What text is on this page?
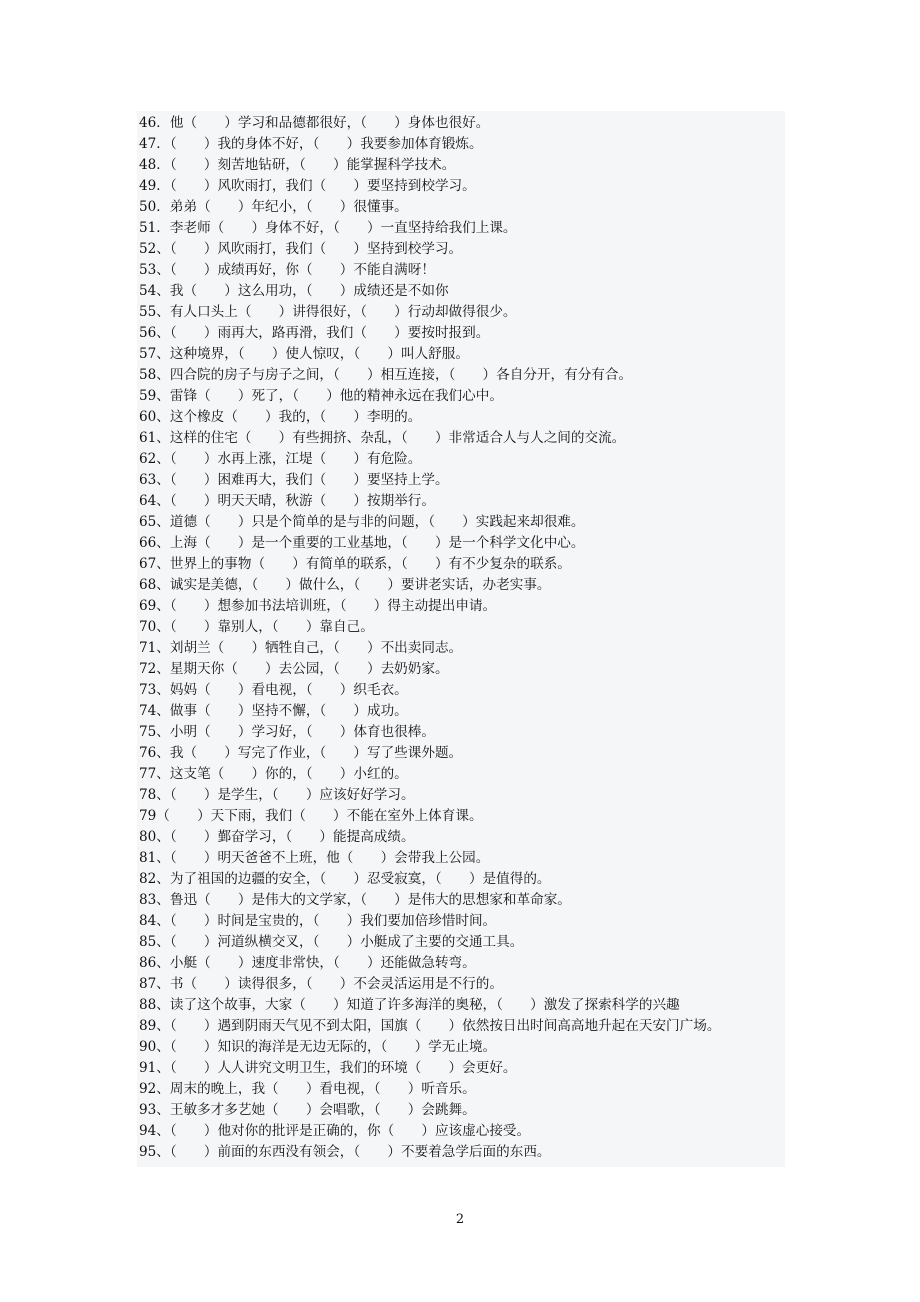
46．他（　　）学习和品德都很好，（　　）身体也很好。
47．（　　）我的身体不好，（　　）我要参加体育锻炼。
48．（　　）刻苦地钻研，（　　）能掌握科学技术。
49．（　　）风吹雨打，我们（　　）要坚持到校学习。
50．弟弟（　　）年纪小，（　　）很懂事。
51．李老师（　　）身体不好，（　　）一直坚持给我们上课。
52、（　　）风吹雨打，我们（　　）坚持到校学习。
53、（　　）成绩再好，你（　　）不能自满呀！
54、我（　　）这么用功，（　　）成绩还是不如你
55、有人口头上（　　）讲得很好，（　　）行动却做得很少。
56、（　　）雨再大，路再滑，我们（　　）要按时报到。
57、这种境界，（　　）使人惊叹，（　　）叫人舒服。
58、四合院的房子与房子之间，（　　）相互连接，（　　）各自分开，有分有合。
59、雷锋（　　）死了，（　　）他的精神永远在我们心中。
60、这个橡皮（　　）我的，（　　）李明的。
61、这样的住宅（　　）有些拥挤、杂乱，（　　）非常适合人与人之间的交流。
62、（　　）水再上涨，江堤（　　）有危险。
63、（　　）困难再大，我们（　　）要坚持上学。
64、（　　）明天天晴，秋游（　　）按期举行。
65、道德（　　）只是个简单的是与非的问题，（　　）实践起来却很难。
66、上海（　　）是一个重要的工业基地，（　　）是一个科学文化中心。
67、世界上的事物（　　）有简单的联系，（　　）有不少复杂的联系。
68、诚实是美德，（　　）做什么，（　　）要讲老实话，办老实事。
69、（　　）想参加书法培训班，（　　）得主动提出申请。
70、（　　）靠别人，（　　）靠自己。
71、刘胡兰（　　）牺牲自己，（　　）不出卖同志。
72、星期天你（　　）去公园，（　　）去奶奶家。
73、妈妈（　　）看电视，（　　）织毛衣。
74、做事（　　）坚持不懈，（　　）成功。
75、小明（　　）学习好，（　　）体育也很棒。
76、我（　　）写完了作业，（　　）写了些课外题。
77、这支笔（　　）你的，（　　）小红的。
78、（　　）是学生，（　　）应该好好学习。
79（　　）天下雨，我们（　　）不能在室外上体育课。
80、（　　）鄞奋学习，（　　）能提高成绩。
81、（　　）明天爸爸不上班，他（　　）会带我上公园。
82、为了祖国的边疆的安全，（　　）忍受寂寞，（　　）是值得的。
83、鲁迅（　　）是伟大的文学家，（　　）是伟大的思想家和革命家。
84、（　　）时间是宝贵的，（　　）我们要加倍珍惜时间。
85、（　　）河道纵横交叉，（　　）小艇成了主要的交通工具。
86、小艇（　　）速度非常快，（　　）还能做急转弯。
87、书（　　）读得很多，（　　）不会灵活运用是不行的。
88、读了这个故事，大家（　　）知道了许多海洋的奥秘，（　　）激发了探索科学的兴趣
89、（　　）遇到阴雨天气见不到太阳，国旗（　　）依然按日出时间高高地升起在天安门广场。
90、（　　）知识的海洋是无边无际的，（　　）学无止境。
91、（　　）人人讲究文明卫生，我们的环境（　　）会更好。
92、周末的晚上，我（　　）看电视，（　　）听音乐。
93、王敏多才多艺她（　　）会唱歌，（　　）会跳舞。
94、（　　）他对你的批评是正确的，你（　　）应该虚心接受。
95、（　　）前面的东西没有领会，（　　）不要着急学后面的东西。
2
